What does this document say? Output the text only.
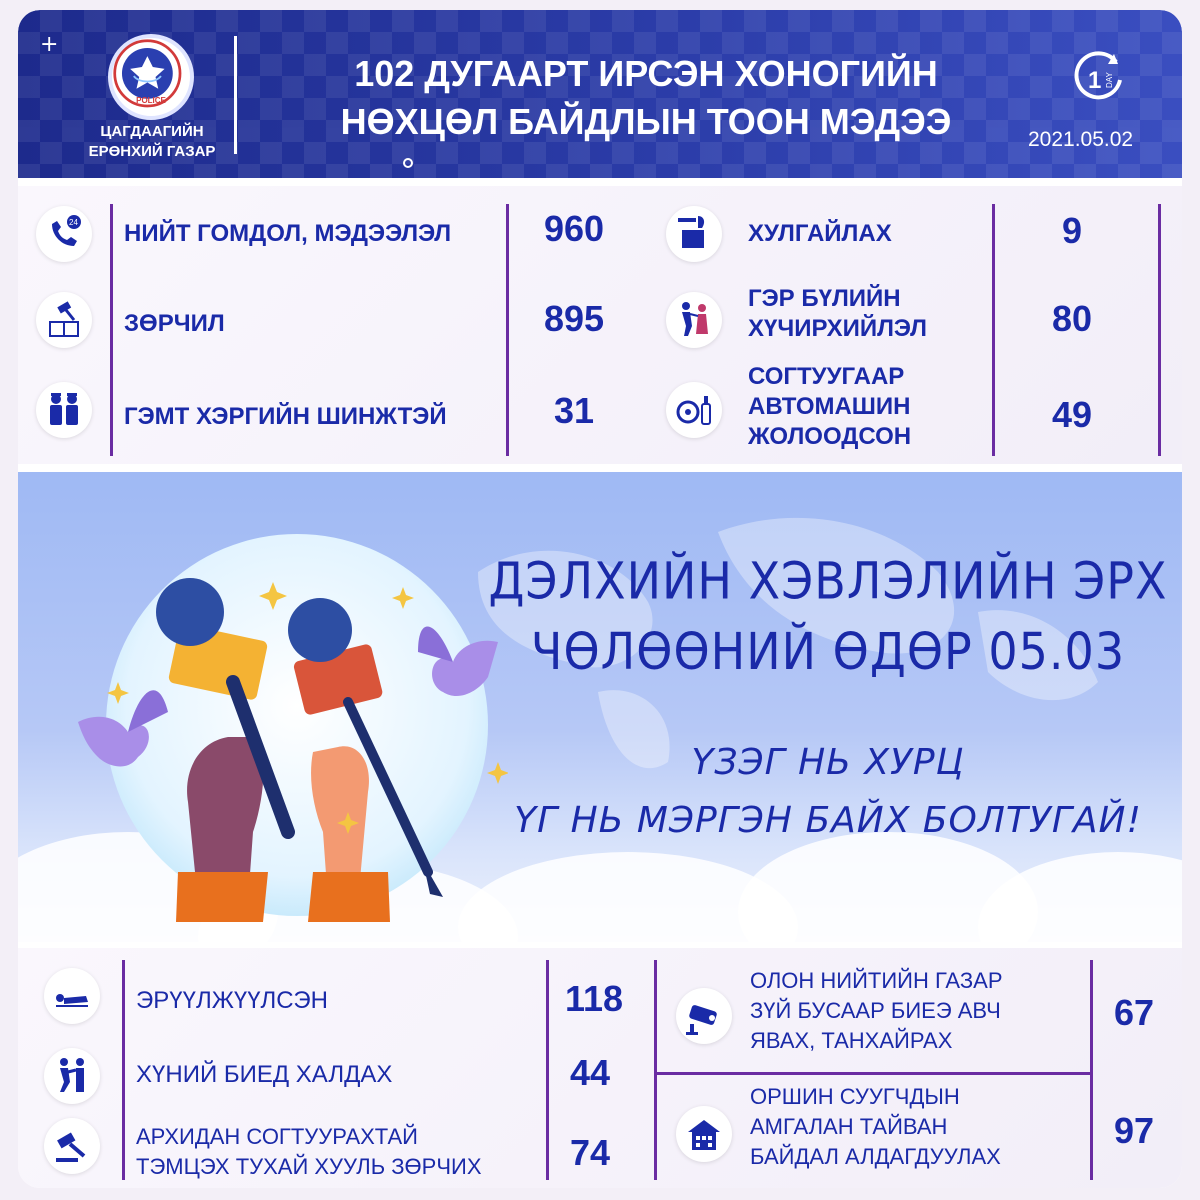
+
POLICE
ЦАГДААГИЙН
ЕРӨНХИЙ ГАЗАР
102 ДУГААРТ ИРСЭН ХОНОГИЙН
НӨХЦӨЛ БАЙДЛЫН ТООН МЭДЭЭ
1 DAY
2021.05.02
24 НИЙТ ГОМДОЛ, МЭДЭЭЛЭЛ	960
ЗӨРЧИЛ	895
ГЭМТ ХЭРГИЙН ШИНЖТЭЙ	31
ХУЛГАЙЛАХ	9
ГЭР БҮЛИЙН
ХҮЧИРХИЙЛЭЛ	80
СОГТУУГААР
АВТОМАШИН
ЖОЛООДСОН
49
ДЭЛХИЙН ХЭВЛЭЛИЙН ЭРХ
ЧӨЛӨӨНИЙ ӨДӨР 05.03
ҮЗЭГ НЬ ХУРЦ
ҮГ НЬ МЭРГЭН БАЙХ БОЛТУГАЙ!
ЭРҮҮЛЖҮҮЛСЭН	118
ХҮНИЙ БИЕД ХАЛДАХ	44
АРХИДАН СОГТУУРАХТАЙ
ТЭМЦЭХ ТУХАЙ ХУУЛЬ ЗӨРЧИХ	74
ОЛОН НИЙТИЙН ГАЗАР
ЗҮЙ БУСААР БИЕЭ АВЧ
ЯВАХ, ТАНХАЙРАХ
67
ОРШИН СУУГЧДЫН
АМГАЛАН ТАЙВАН
БАЙДАЛ АЛДАГДУУЛАХ
97
